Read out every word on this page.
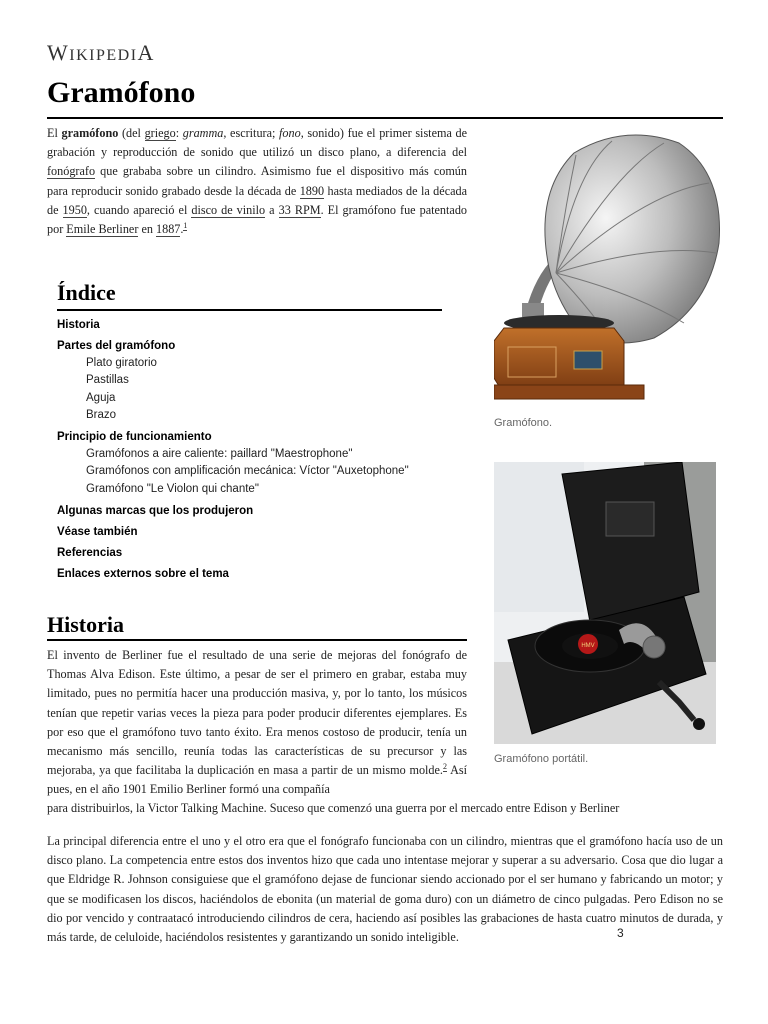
WIKIPEDIA
Gramófono

El gramófono (del griego: gramma, escritura; fono, sonido) fue el primer sistema de grabación y reproducción de sonido que utilizó un disco plano, a diferencia del fonógrafo que grababa sobre un cilindro. Asimismo fue el dispositivo más común para reproducir sonido grabado desde la década de 1890 hasta mediados de la década de 1950, cuando apareció el disco de vinilo a 33 RPM. El gramófono fue patentado por Emile Berliner en 1887.$^1$

Índice
Historia
Partes del gramófono
Plato giratorio
Pastillas
Aguja
Brazo
Principio de funcionamiento
Gramófonos a aire caliente: paillard "Maestrophone"
Gramófonos con amplificación mecánica: Víctor "Auxetophone"
Gramófono "Le Violon qui chante"
Algunas marcas que los produjeron
Véase también
Referencias
Enlaces externos sobre el tema
Historia

El invento de Berliner fue el resultado de una serie de mejoras del fonógrafo de Thomas Alva Edison. Este último, a pesar de ser el primero en grabar, estaba muy limitado, pues no permitía hacer una producción masiva, y, por lo tanto, los músicos tenían que repetir varias veces la pieza para poder producir diferentes ejemplares. Es por eso que el gramófono tuvo tanto éxito. Era menos costoso de producir, tenía un mecanismo más sencillo, reunía todas las características de su precursor y las mejoraba, ya que facilitaba la duplicación en masa a partir de un mismo molde.$^2$ Así pues, en el año 1901 Emilio Berliner formó una compañía

para distribuirlos, la Victor Talking Machine. Suceso que comenzó una guerra por el mercado entre Edison y Berliner

La principal diferencia entre el uno y el otro era que el fonógrafo funcionaba con un cilindro, mientras que el gramófono hacía uso de un disco plano. La competencia entre estos dos inventos hizo que cada uno intentase mejorar y superar a su adversario. Cosa que dio lugar a que Eldridge R. Johnson consiguiese que el gramófono dejase de funcionar siendo accionado por el ser humano y fabricando un motor; y que se modificasen los discos, haciéndolos de ebonita (un material de goma duro) con un diámetro de cinco pulgadas. Pero Edison no se dio por vencido y contraatacó introduciendo cilindros de cera, haciendo así posibles las grabaciones de hasta cuatro minutos de durada, y más tarde, de celuloide, haciéndolos resistentes y garantizando un sonido inteligible.

Gramófono.
HMV
Gramófono portátil.
3
